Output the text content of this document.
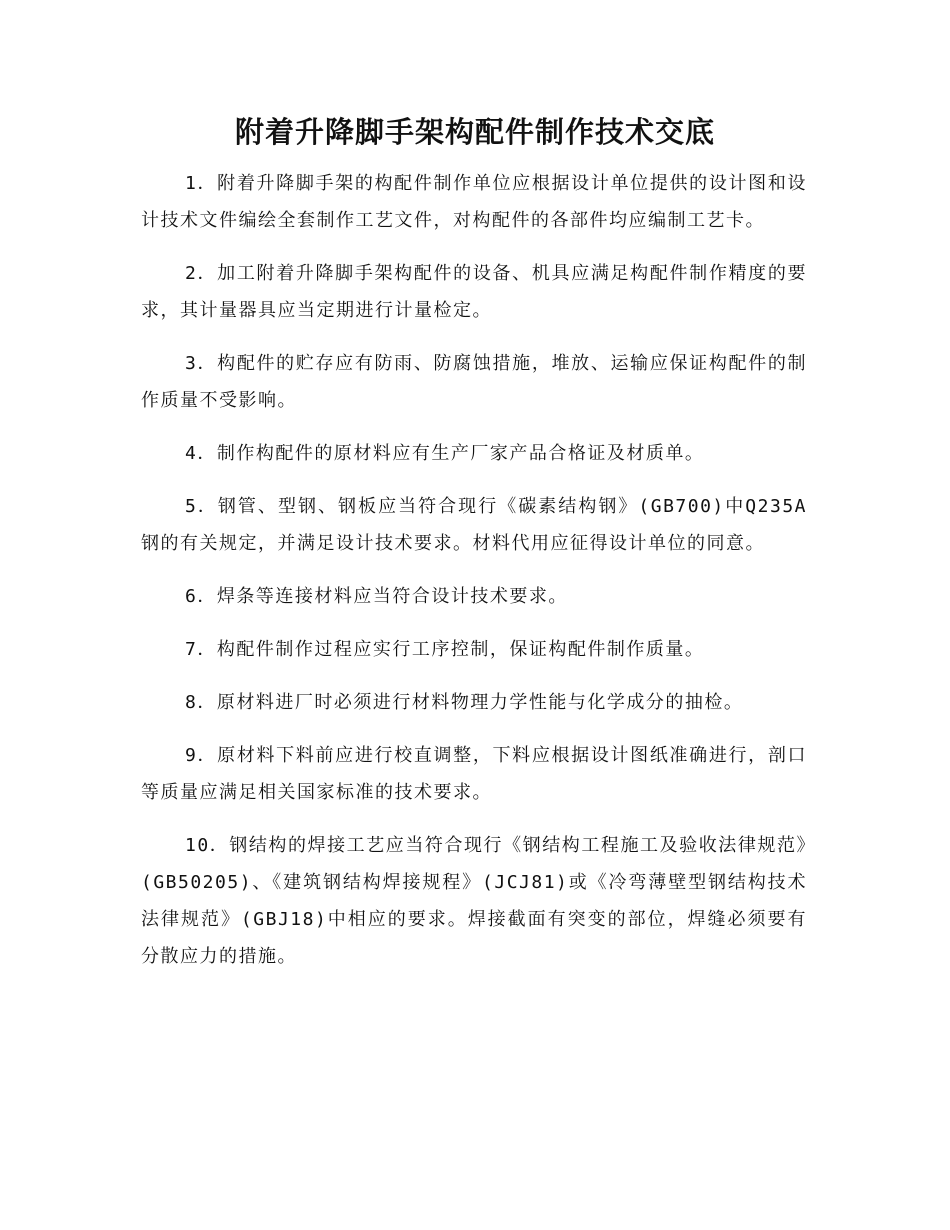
附着升降脚手架构配件制作技术交底

1．附着升降脚手架的构配件制作单位应根据设计单位提供的设计图和设计技术文件编绘全套制作工艺文件，对构配件的各部件均应编制工艺卡。

2．加工附着升降脚手架构配件的设备、机具应满足构配件制作精度的要求，其计量器具应当定期进行计量检定。

3．构配件的贮存应有防雨、防腐蚀措施，堆放、运输应保证构配件的制作质量不受影响。

4．制作构配件的原材料应有生产厂家产品合格证及材质单。

5．钢管、型钢、钢板应当符合现行《碳素结构钢》(GB700)中Q235A钢的有关规定，并满足设计技术要求。材料代用应征得设计单位的同意。

6．焊条等连接材料应当符合设计技术要求。

7．构配件制作过程应实行工序控制，保证构配件制作质量。

8．原材料进厂时必须进行材料物理力学性能与化学成分的抽检。

9．原材料下料前应进行校直调整，下料应根据设计图纸准确进行，剖口等质量应满足相关国家标准的技术要求。

10．钢结构的焊接工艺应当符合现行《钢结构工程施工及验收法律规范》(GB50205)、《建筑钢结构焊接规程》(JCJ81)或《冷弯薄壁型钢结构技术法律规范》(GBJ18)中相应的要求。焊接截面有突变的部位，焊缝必须要有分散应力的措施。
